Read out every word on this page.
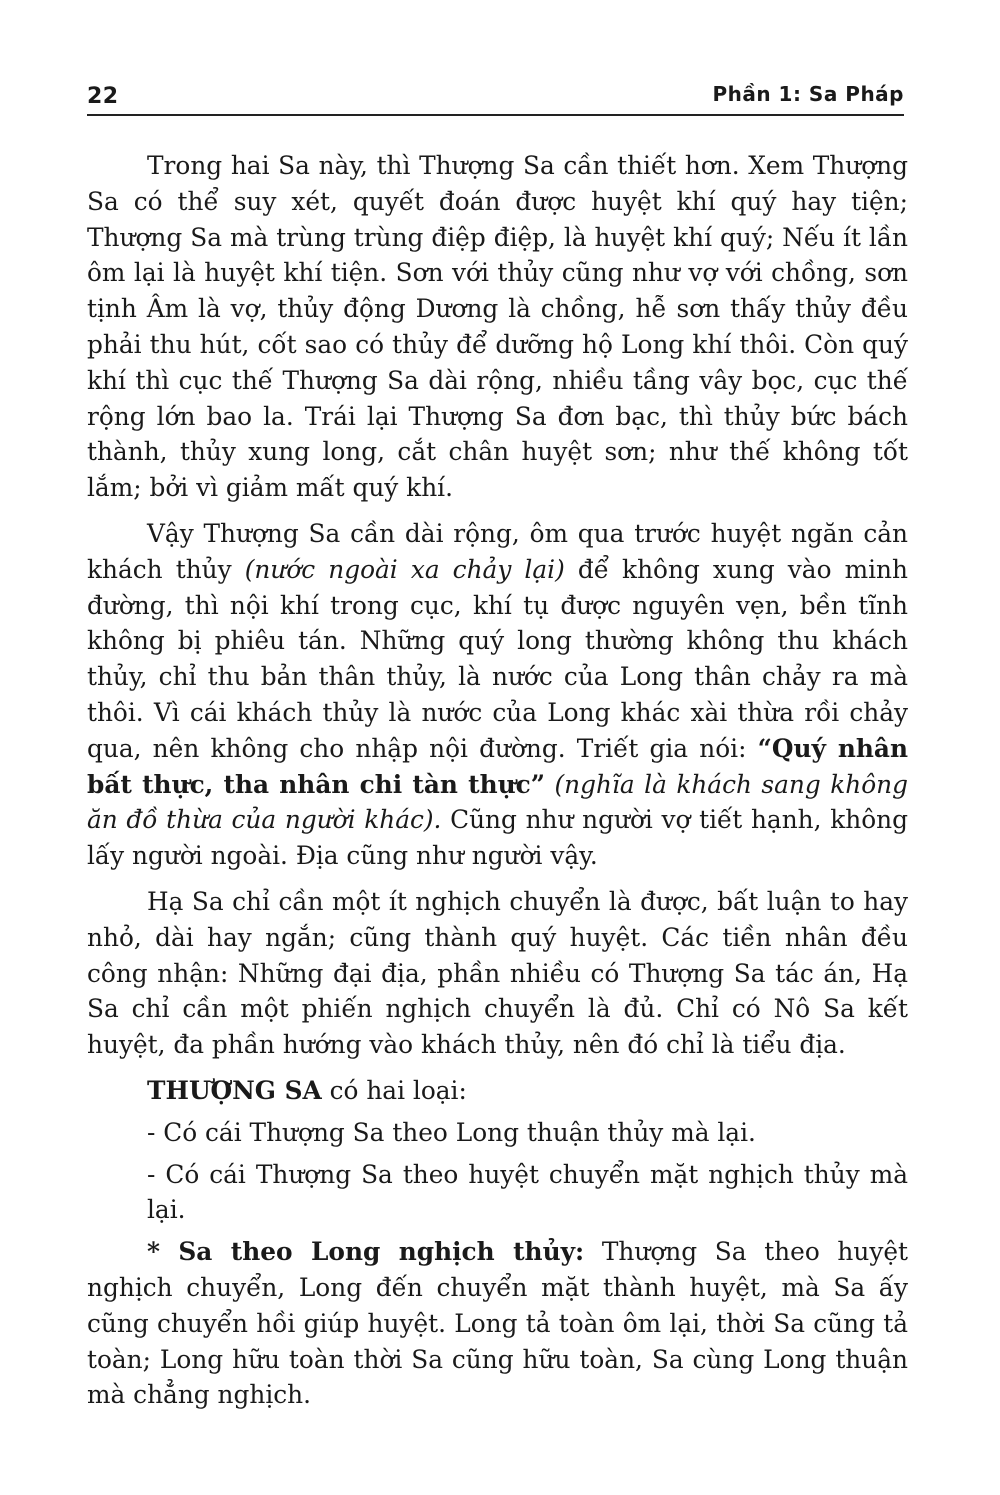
22	Phần 1: Sa Pháp

Trong hai Sa này, thì Thượng Sa cần thiết hơn. Xem Thượng Sa có thể suy xét, quyết đoán được huyệt khí quý hay tiện; Thượng Sa mà trùng trùng điệp điệp, là huyệt khí quý; Nếu ít lần ôm lại là huyệt khí tiện. Sơn với thủy cũng như vợ với chồng, sơn tịnh Âm là vợ, thủy động Dương là chồng, hễ sơn thấy thủy đều phải thu hút, cốt sao có thủy để dưỡng hộ Long khí thôi. Còn quý khí thì cục thế Thượng Sa dài rộng, nhiều tầng vây bọc, cục thế rộng lớn bao la. Trái lại Thượng Sa đơn bạc, thì thủy bức bách thành, thủy xung long, cắt chân huyệt sơn; như thế không tốt lắm; bởi vì giảm mất quý khí.

Vậy Thượng Sa cần dài rộng, ôm qua trước huyệt ngăn cản khách thủy (nước ngoài xa chảy lại) để không xung vào minh đường, thì nội khí trong cục, khí tụ được nguyên vẹn, bền tĩnh không bị phiêu tán. Những quý long thường không thu khách thủy, chỉ thu bản thân thủy, là nước của Long thân chảy ra mà thôi. Vì cái khách thủy là nước của Long khác xài thừa rồi chảy qua, nên không cho nhập nội đường. Triết gia nói: “Quý nhân bất thực, tha nhân chi tàn thực” (nghĩa là khách sang không ăn đồ thừa của người khác). Cũng như người vợ tiết hạnh, không lấy người ngoài. Địa cũng như người vậy.

Hạ Sa chỉ cần một ít nghịch chuyển là được, bất luận to hay nhỏ, dài hay ngắn; cũng thành quý huyệt. Các tiền nhân đều công nhận: Những đại địa, phần nhiều có Thượng Sa tác án, Hạ Sa chỉ cần một phiến nghịch chuyển là đủ. Chỉ có Nô Sa kết huyệt, đa phần hướng vào khách thủy, nên đó chỉ là tiểu địa.

THƯỢNG SA có hai loại:

- Có cái Thượng Sa theo Long thuận thủy mà lại.

- Có cái Thượng Sa theo huyệt chuyển mặt nghịch thủy mà lại.

* Sa theo Long nghịch thủy: Thượng Sa theo huyệt nghịch chuyển, Long đến chuyển mặt thành huyệt, mà Sa ấy cũng chuyển hồi giúp huyệt. Long tả toàn ôm lại, thời Sa cũng tả toàn; Long hữu toàn thời Sa cũng hữu toàn, Sa cùng Long thuận mà chẳng nghịch.
